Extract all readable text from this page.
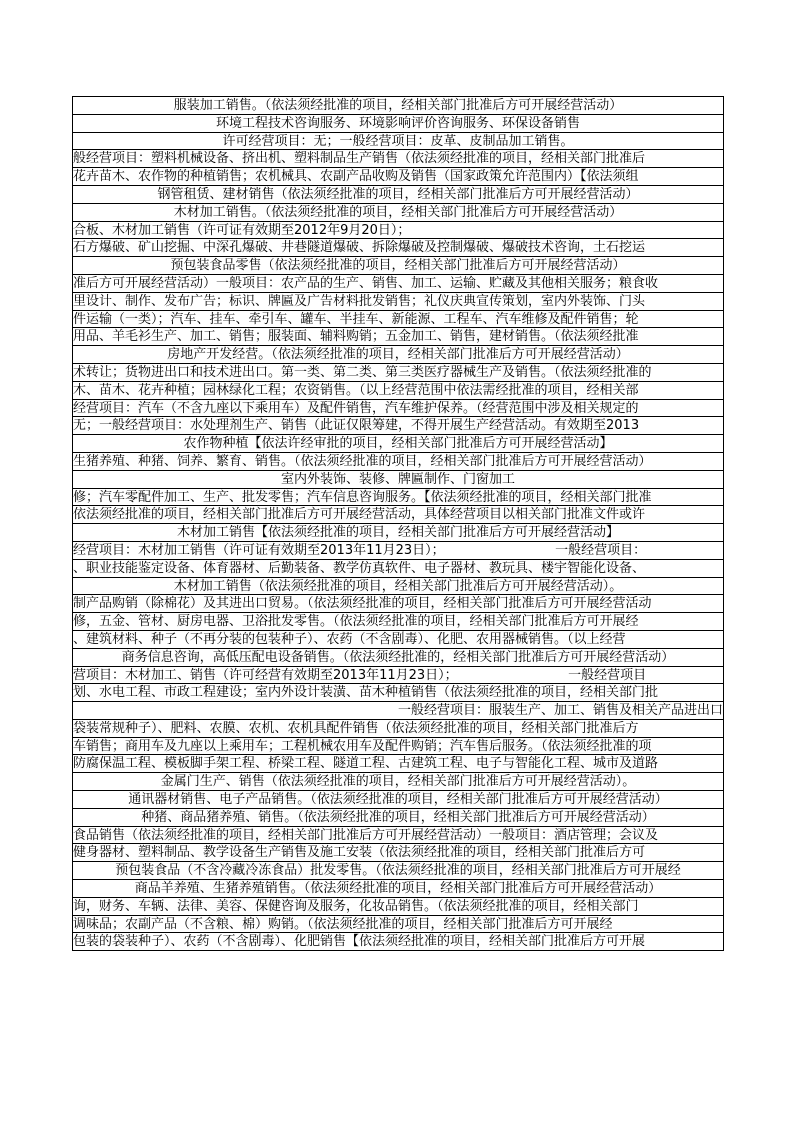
服装加工销售。（依法须经批准的项目，经相关部门批准后方可开展经营活动）
环境工程技术咨询服务、环境影响评价咨询服务、环保设备销售
许可经营项目：无；一般经营项目：皮革、皮制品加工销售。
般经营项目：塑料机械设备、挤出机、塑料制品生产销售（依法须经批准的项目，经相关部门批准后
花卉苗木、农作物的种植销售；农机械具、农副产品收购及销售（国家政策允许范围内）【依法须组
钢管租赁、建材销售（依法须经批准的项目，经相关部门批准后方可开展经营活动）
木材加工销售。（依法须经批准的项目，经相关部门批准后方可开展经营活动）
合板、木材加工销售（许可证有效期至2012年9月20日）；
石方爆破、矿山挖掘、中深孔爆破、井巷隧道爆破、拆除爆破及控制爆破、爆破技术咨询，土石挖运
预包装食品零售（依法须经批准的项目，经相关部门批准后方可开展经营活动）
准后方可开展经营活动）一般项目：农产品的生产、销售、加工、运输、贮藏及其他相关服务；粮食收
里设计、制作、发布广告；标识、牌匾及广告材料批发销售；礼仪庆典宣传策划，室内外装饰、门头
件运输（一类）；汽车、挂车、牵引车、罐车、半挂车、新能源、工程车、汽车维修及配件销售；轮
用品、羊毛衫生产、加工、销售；服装面、辅料购销；五金加工、销售，建材销售。（依法须经批准
房地产开发经营。（依法须经批准的项目，经相关部门批准后方可开展经营活动）
术转让；货物进出口和技术进出口。第一类、第二类、第三类医疗器械生产及销售。（依法须经批准的
木、苗木、花卉种植；园林绿化工程；农资销售。（以上经营范围中依法需经批准的项目，经相关部
经营项目：汽车（不含九座以下乘用车）及配件销售，汽车维护保养。（经营范围中涉及相关规定的
无；一般经营项目：水处理剂生产、销售（此证仅限筹建，不得开展生产经营活动。有效期至2013
农作物种植【依法许经审批的项目，经相关部门批准后方可开展经营活动】
生猪养殖、种猪、饲养、繁育、销售。（依法须经批准的项目，经相关部门批准后方可开展经营活动）
室内外装饰、装修、牌匾制作、门窗加工
修；汽车零配件加工、生产、批发零售；汽车信息咨询服务。【依法须经批准的项目，经相关部门批准
依法须经批准的项目，经相关部门批准后方可开展经营活动，具体经营项目以相关部门批准文件或许
木材加工销售【依法须经批准的项目，经相关部门批准后方可开展经营活动】
经营项目：木材加工销售（许可证有效期至2013年11月23日）；　　　　　　　　　一般经营项目：
、职业技能鉴定设备、体育器材、后勤装备、教学仿真软件、电子器材、教玩具、楼宇智能化设备、
木材加工销售（依法须经批准的项目，经相关部门批准后方可开展经营活动）。
制产品购销（除棉花）及其进出口贸易。（依法须经批准的项目，经相关部门批准后方可开展经营活动
修，五金、管材、厨房电器、卫浴批发零售。（依法须经批准的项目，经相关部门批准后方可开展经
、建筑材料、种子（不再分装的包装种子）、农药（不含剧毒）、化肥、农用器械销售。（以上经营
商务信息咨询，高低压配电设备销售。（依法须经批准的，经相关部门批准后方可开展经营活动）
营项目：木材加工、销售（许可经营有效期至2013年11月23日）；　　　　　　　　　一般经营项目
划、水电工程、市政工程建设；室内外设计装潢、苗木种植销售（依法须经批准的项目，经相关部门批
一般经营项目：服装生产、加工、销售及相关产品进出口
袋装常规种子）、肥料、农膜、农机、农机具配件销售（依法须经批准的项目，经相关部门批准后方
车销售；商用车及九座以上乘用车；工程机械农用车及配件购销；汽车售后服务。（依法须经批准的项
防腐保温工程、模板脚手架工程、桥梁工程、隧道工程、古建筑工程、电子与智能化工程、城市及道路
金属门生产、销售（依法须经批准的项目，经相关部门批准后方可开展经营活动）。
通讯器材销售、电子产品销售。（依法须经批准的项目，经相关部门批准后方可开展经营活动）
种猪、商品猪养殖、销售。（依法须经批准的项目，经相关部门批准后方可开展经营活动）
食品销售（依法须经批准的项目，经相关部门批准后方可开展经营活动）一般项目：酒店管理；会议及
健身器材、塑料制品、教学设备生产销售及施工安装（依法须经批准的项目，经相关部门批准后方可
预包装食品（不含冷藏冷冻食品）批发零售。（依法须经批准的项目，经相关部门批准后方可开展经
商品羊养殖、生猪养殖销售。（依法须经批准的项目，经相关部门批准后方可开展经营活动）
询，财务、车辆、法律、美容、保健咨询及服务，化妆品销售。（依法须经批准的项目，经相关部门
调味品；农副产品（不含粮、棉）购销。（依法须经批准的项目，经相关部门批准后方可开展经
包装的袋装种子）、农药（不含剧毒）、化肥销售【依法须经批准的项目，经相关部门批准后方可开展
